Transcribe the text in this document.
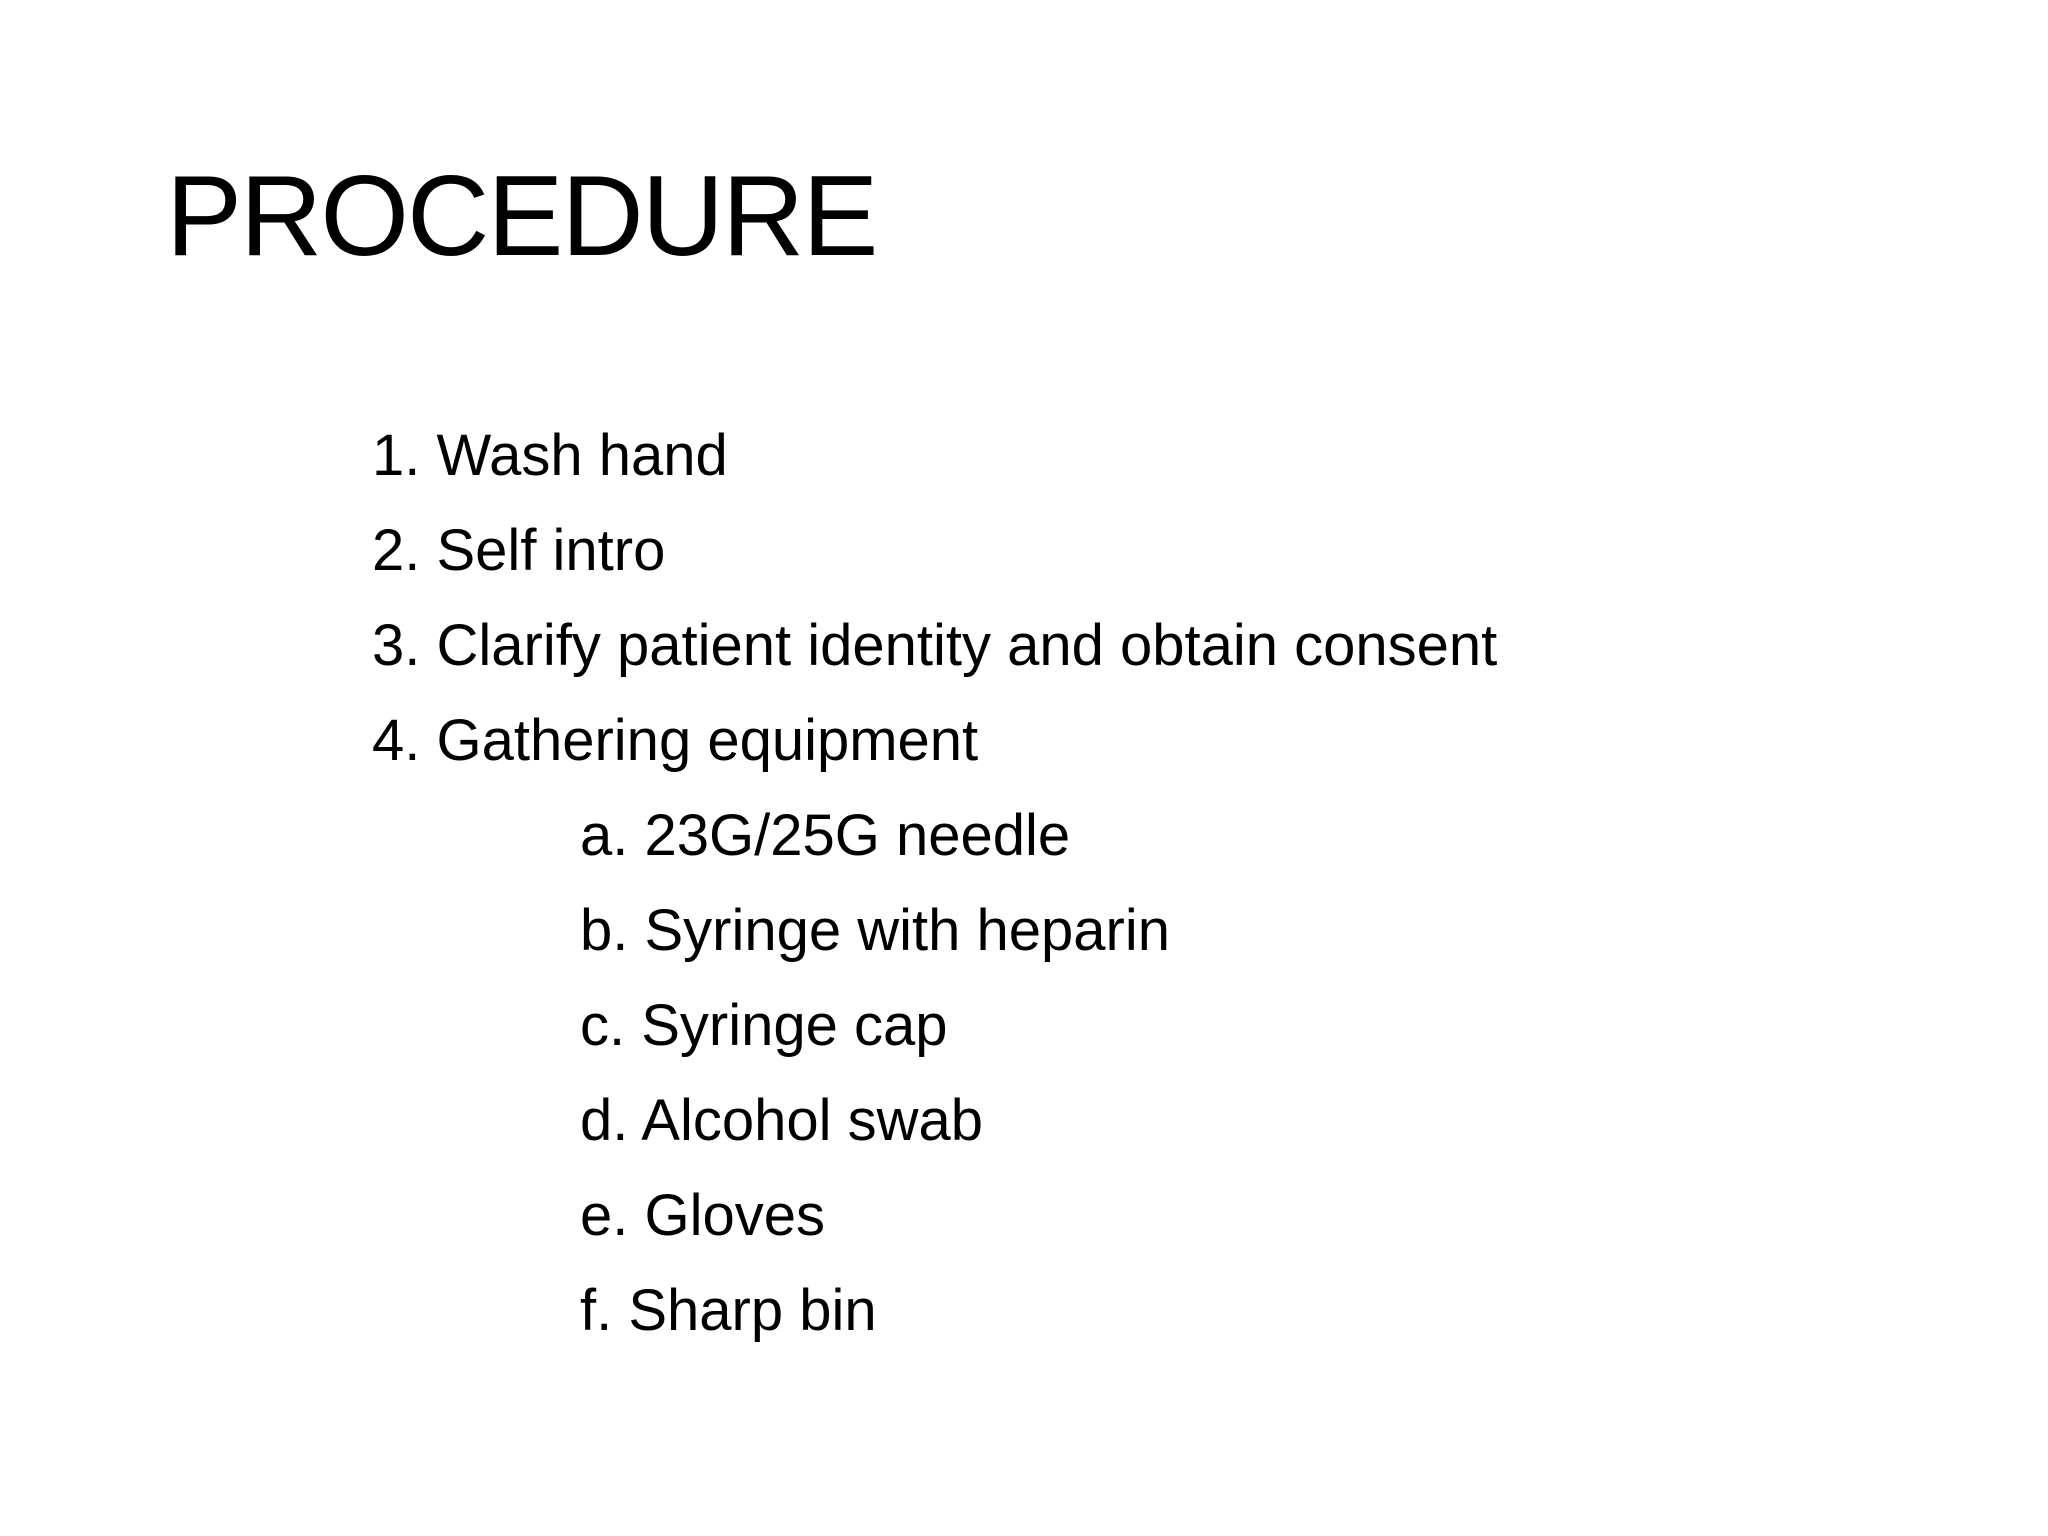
PROCEDURE
1. Wash hand
2. Self intro
3. Clarify patient identity and obtain consent
4. Gathering equipment
a. 23G/25G needle
b. Syringe with heparin
c. Syringe cap
d. Alcohol swab
e. Gloves
f. Sharp bin
